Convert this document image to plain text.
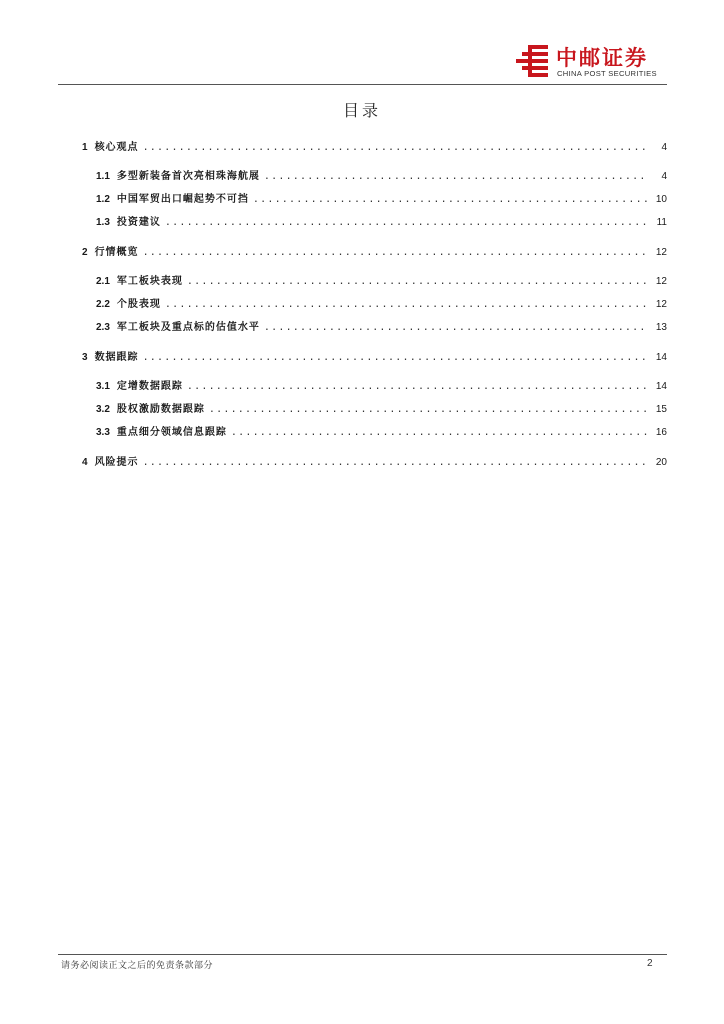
中邮证券
CHINA POST SECURITIES
目录
1 核心观点 .....	4
1.1 多型新装备首次亮相珠海航展 .....	4
1.2 中国军贸出口崛起势不可挡 .....	10
1.3 投资建议 .....	11
2 行情概览 .....	12
2.1 军工板块表现 .....	12
2.2 个股表现 .....	12
2.3 军工板块及重点标的估值水平 .....	13
3 数据跟踪 .....	14
3.1 定增数据跟踪 .....	14
3.2 股权激励数据跟踪 .....	15
3.3 重点细分领域信息跟踪 .....	16
4 风险提示 .....	20
请务必阅读正文之后的免责条款部分	2
